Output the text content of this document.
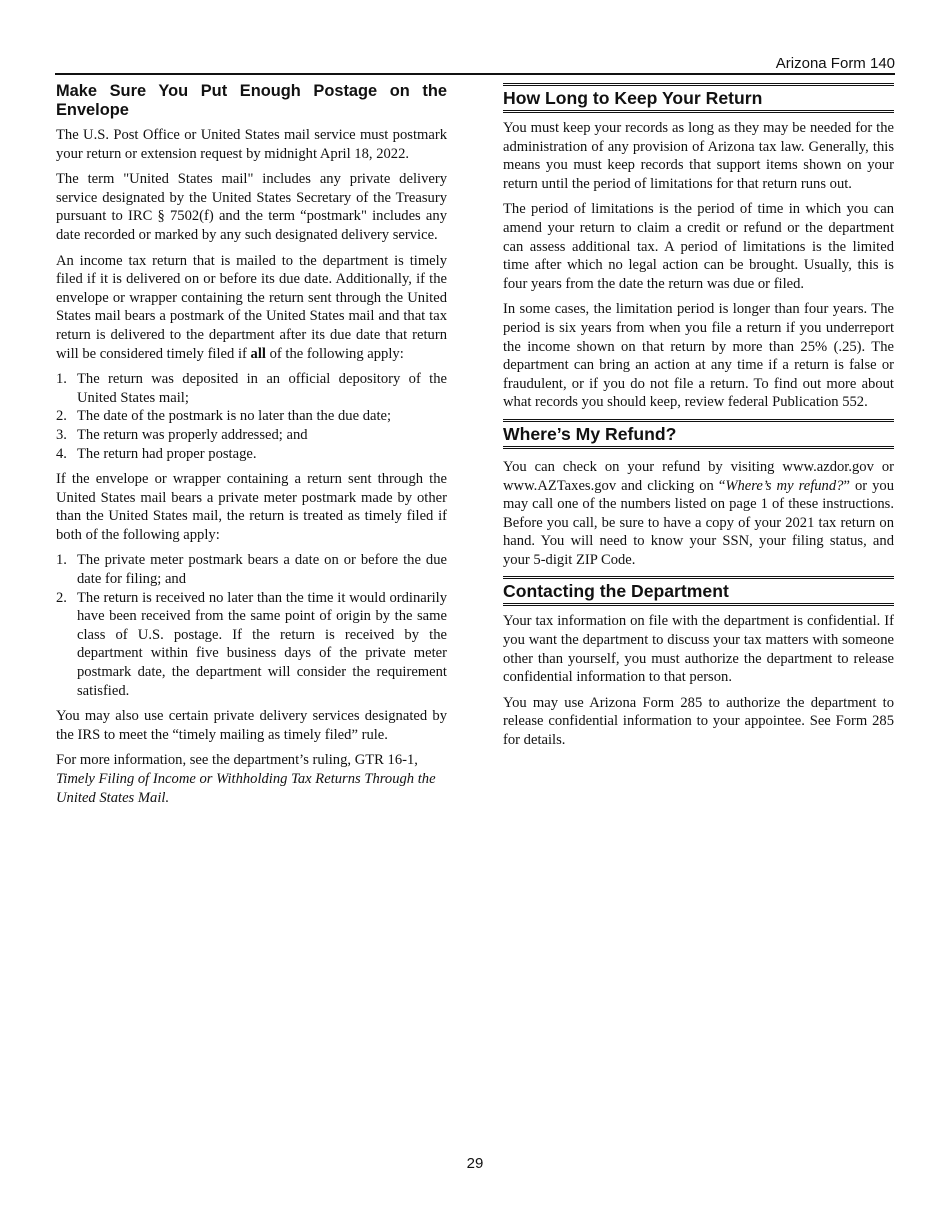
Arizona Form 140
Make Sure You Put Enough Postage on the Envelope

The U.S. Post Office or United States mail service must postmark your return or extension request by midnight April 18, 2022.

The term "United States mail" includes any private delivery service designated by the United States Secretary of the Treasury pursuant to IRC § 7502(f) and the term “postmark" includes any date recorded or marked by any such designated delivery service.

An income tax return that is mailed to the department is timely filed if it is delivered on or before its due date. Additionally, if the envelope or wrapper containing the return sent through the United States mail bears a postmark of the United States mail and that tax return is delivered to the department after its due date that return will be considered timely filed if all of the following apply:

1. The return was deposited in an official depository of the United States mail;
2. The date of the postmark is no later than the due date;
3. The return was properly addressed; and
4. The return had proper postage.

If the envelope or wrapper containing a return sent through the United States mail bears a private meter postmark made by other than the United States mail, the return is treated as timely filed if both of the following apply:

1. The private meter postmark bears a date on or before the due date for filing; and
2. The return is received no later than the time it would ordinarily have been received from the same point of origin by the same class of U.S. postage. If the return is received by the department within five business days of the private meter postmark date, the department will consider the requirement satisfied.

You may also use certain private delivery services designated by the IRS to meet the “timely mailing as timely filed” rule.

For more information, see the department’s ruling, GTR 16-1, Timely Filing of Income or Withholding Tax Returns Through the United States Mail.

How Long to Keep Your Return

You must keep your records as long as they may be needed for the administration of any provision of Arizona tax law. Generally, this means you must keep records that support items shown on your return until the period of limitations for that return runs out.

The period of limitations is the period of time in which you can amend your return to claim a credit or refund or the department can assess additional tax. A period of limitations is the limited time after which no legal action can be brought. Usually, this is four years from the date the return was due or filed.

In some cases, the limitation period is longer than four years. The period is six years from when you file a return if you underreport the income shown on that return by more than 25% (.25). The department can bring an action at any time if a return is false or fraudulent, or if you do not file a return. To find out more about what records you should keep, review federal Publication 552.

Where’s My Refund?

You can check on your refund by visiting www.azdor.gov or www.AZTaxes.gov and clicking on “Where’s my refund?” or you may call one of the numbers listed on page 1 of these instructions. Before you call, be sure to have a copy of your 2021 tax return on hand. You will need to know your SSN, your filing status, and your 5-digit ZIP Code.

Contacting the Department

Your tax information on file with the department is confidential. If you want the department to discuss your tax matters with someone other than yourself, you must authorize the department to release confidential information to that person.

You may use Arizona Form 285 to authorize the department to release confidential information to your appointee. See Form 285 for details.

29
